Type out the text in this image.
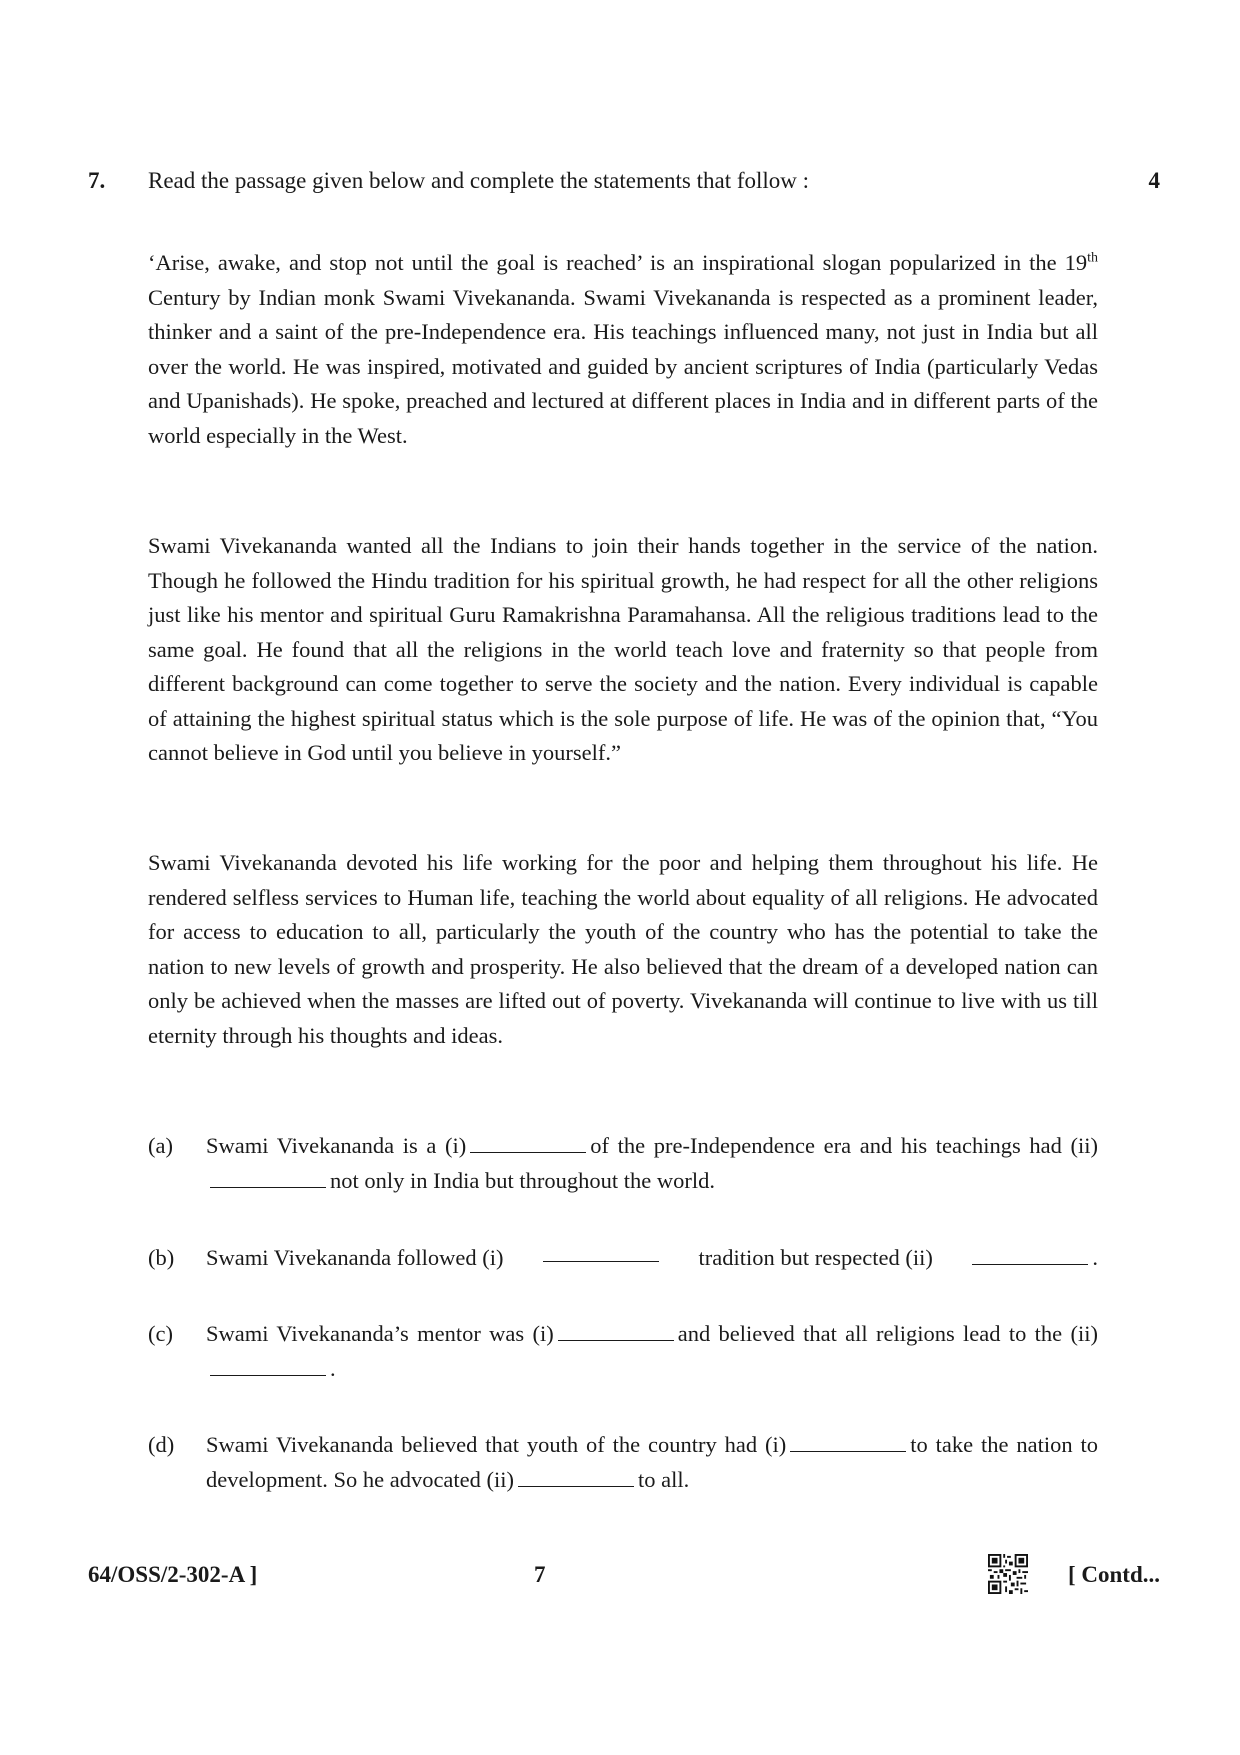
7. Read the passage given below and complete the statements that follow :	4

‘Arise, awake, and stop not until the goal is reached’ is an inspirational slogan popularized in the 19th Century by Indian monk Swami Vivekananda. Swami Vivekananda is respected as a prominent leader, thinker and a saint of the pre-Independence era. His teachings influenced many, not just in India but all over the world. He was inspired, motivated and guided by ancient scriptures of India (particularly Vedas and Upanishads). He spoke, preached and lectured at different places in India and in different parts of the world especially in the West.

Swami Vivekananda wanted all the Indians to join their hands together in the service of the nation. Though he followed the Hindu tradition for his spiritual growth, he had respect for all the other religions just like his mentor and spiritual Guru Ramakrishna Paramahansa. All the religious traditions lead to the same goal. He found that all the religions in the world teach love and fraternity so that people from different background can come together to serve the society and the nation. Every individual is capable of attaining the highest spiritual status which is the sole purpose of life. He was of the opinion that, “You cannot believe in God until you believe in yourself.”

Swami Vivekananda devoted his life working for the poor and helping them throughout his life. He rendered selfless services to Human life, teaching the world about equality of all religions. He advocated for access to education to all, particularly the youth of the country who has the potential to take the nation to new levels of growth and prosperity. He also believed that the dream of a developed nation can only be achieved when the masses are lifted out of poverty. Vivekananda will continue to live with us till eternity through his thoughts and ideas.

(a) Swami Vivekananda is a (i)	of the pre-Independence era and his teachings had (ii)not only in India but throughout the world.
(b) Swami Vivekananda followed (i)	tradition but respected (ii)	.
(c) Swami Vivekananda’s mentor was (i)	and believed that all religions lead to the (ii).
(d) Swami Vivekananda believed that youth of the country had (i)	to take the nation to development. So he advocated (ii)	to all.
64/OSS/2-302-A ]	7	[ Contd...
